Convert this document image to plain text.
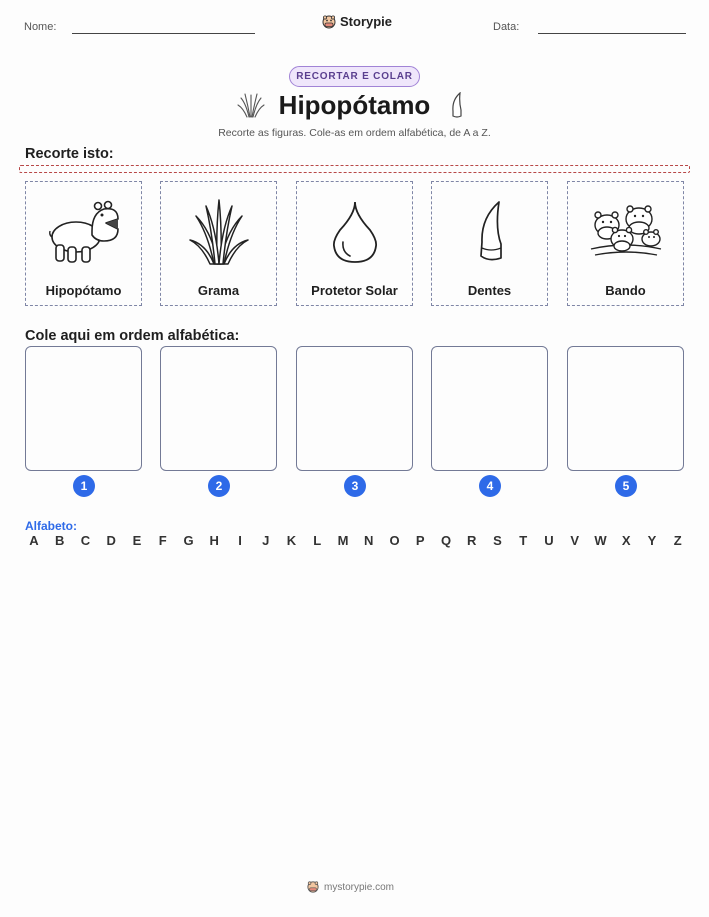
Nome:	Storypie	Data:
RECORTAR E COLAR
Hipopótamo
Recorte as figuras. Cole-as em ordem alfabética, de A a Z.
Recorte isto:
Hipopótamo	Grama	Protetor Solar	Dentes	Bando
Cole aqui em ordem alfabética:
1	2	3	4	5
Alfabeto:
A B C D E F G H	I	J K L M N O P Q R S T U V W X Y Z
mystorypie.com
